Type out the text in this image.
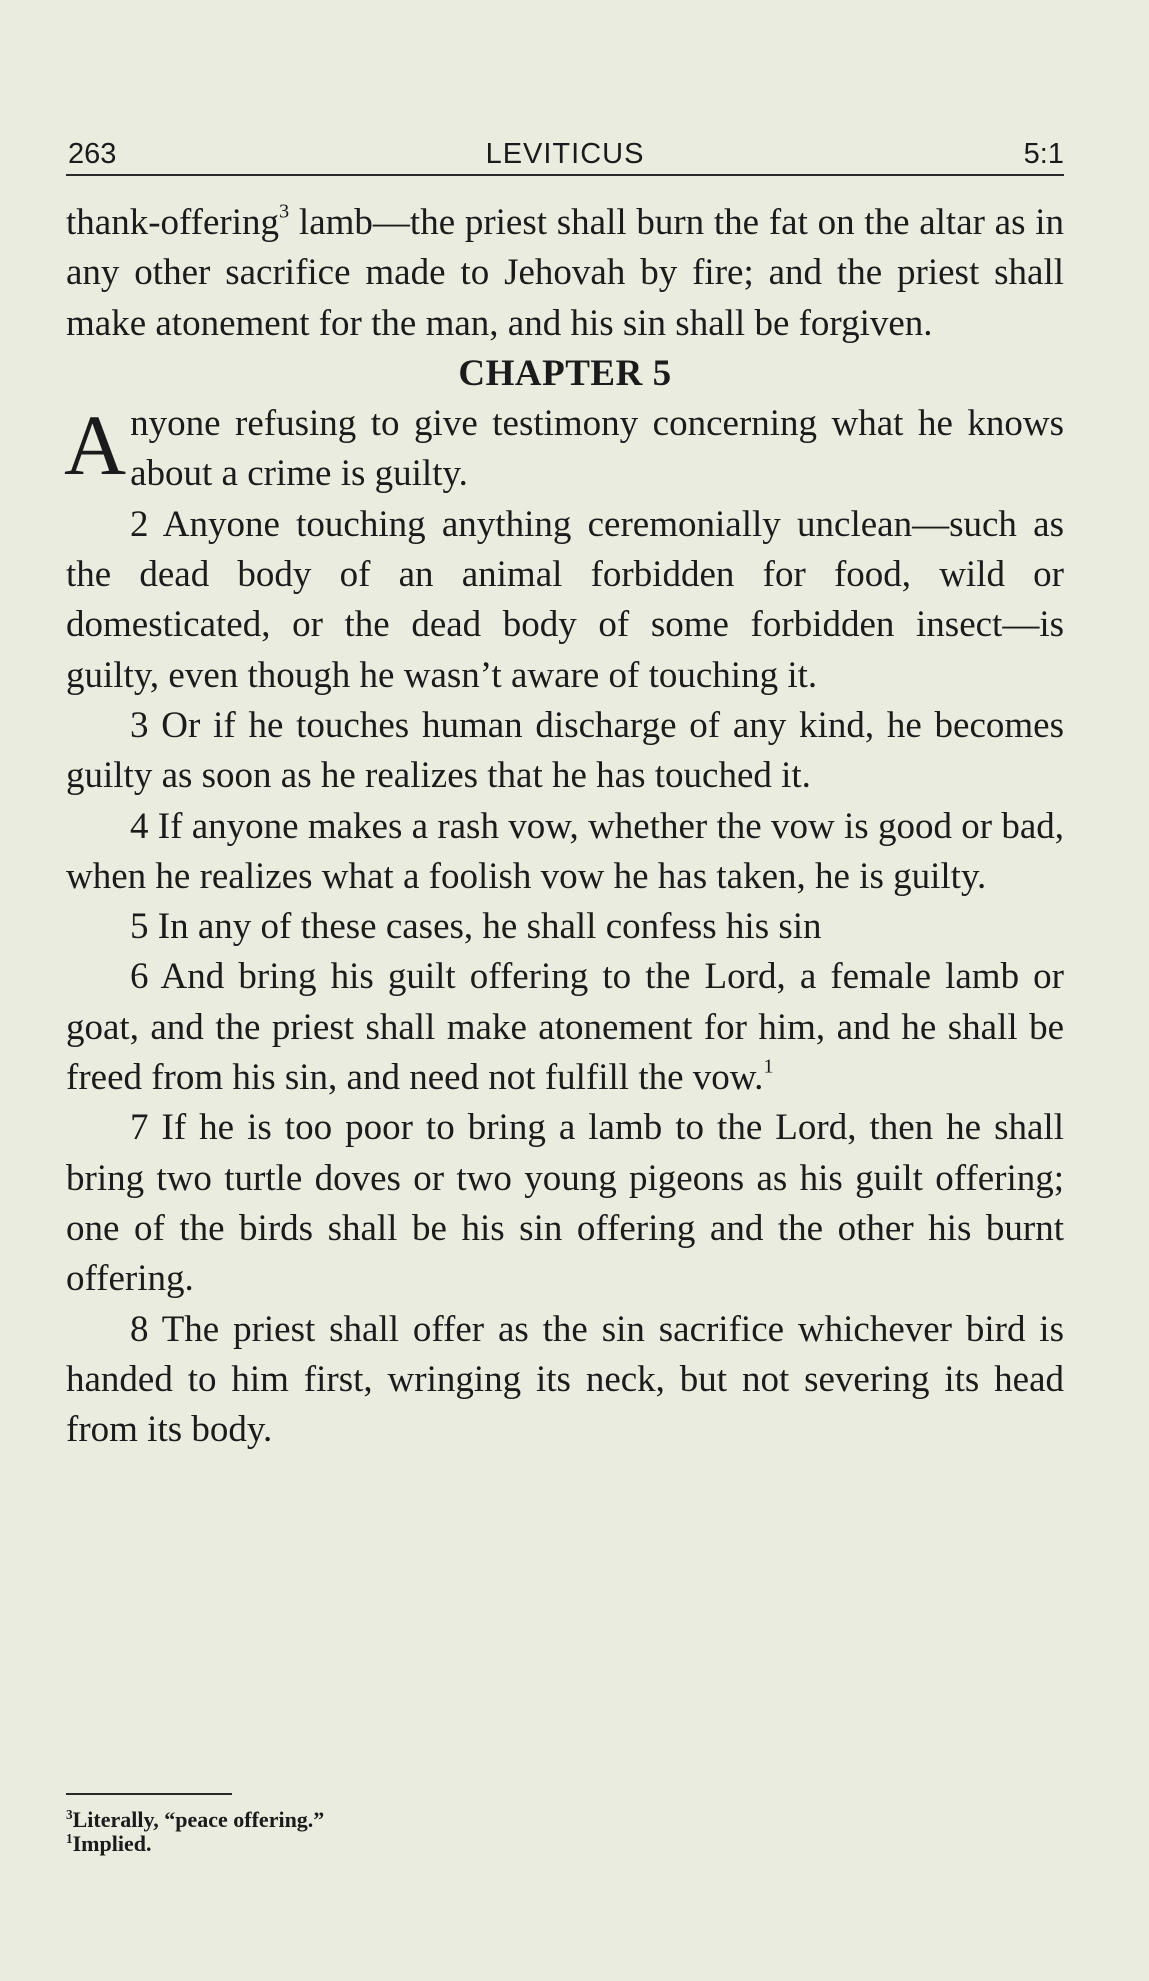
263	LEVITICUS	5:1

thank-offering$^3$ lamb—the priest shall burn the fat on the altar as in any other sacrifice made to Jehovah by fire; and the priest shall make atonement for the man, and his sin shall be forgiven.

CHAPTER 5

Anyone refusing to give testimony concerning what he knows about a crime is guilty.

2 Anyone touching anything ceremonially unclean—such as the dead body of an animal forbidden for food, wild or domesticated, or the dead body of some forbidden insect—is guilty, even though he wasn’t aware of touching it.

3 Or if he touches human discharge of any kind, he becomes guilty as soon as he realizes that he has touched it.

4 If anyone makes a rash vow, whether the vow is good or bad, when he realizes what a foolish vow he has taken, he is guilty.

5 In any of these cases, he shall confess his sin

6 And bring his guilt offering to the Lord, a female lamb or goat, and the priest shall make atonement for him, and he shall be freed from his sin, and need not fulfill the vow.$^1$

7 If he is too poor to bring a lamb to the Lord, then he shall bring two turtle doves or two young pigeons as his guilt offering; one of the birds shall be his sin offering and the other his burnt offering.

8 The priest shall offer as the sin sacrifice whichever bird is handed to him first, wringing its neck, but not severing its head from its body.

$^3$Literally, “peace offering.”
$^1$Implied.
